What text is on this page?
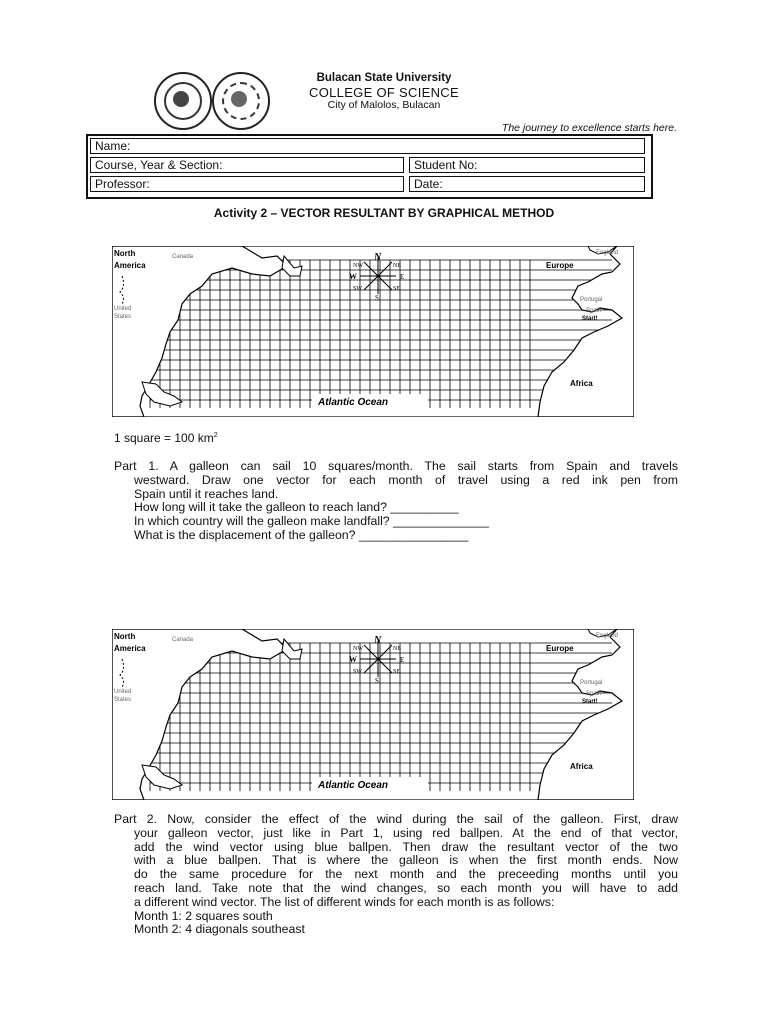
Bulacan State University
COLLEGE OF SCIENCE
City of Malolos, Bulacan
The journey to excellence starts here.
Name:
Course, Year & Section:	Student No:
Professor:	Date:
Activity 2 – VECTOR RESULTANT BY GRAPHICAL METHOD
N
S
E
W
NW	NE
SW	SE
North
America
Canada
United
States
Europe
England
Portugal
Spain
Start!
Africa
Atlantic Ocean
1 square = 100 $km^2$
Part 1. A galleon can sail 10 squares/month. The sail starts from Spain and travels
westward. Draw one vector for each month of travel using a red ink pen from
Spain until it reaches land.
How long will it take the galleon to reach land? __________
In which country will the galleon make landfall? ______________
What is the displacement of the galleon? ________________
N
S
E
W
NW	NE
SW	SE
North
America
Canada
United
States
Europe
England
Portugal
Spain
Start!
Africa
Atlantic Ocean
Part 2. Now, consider the effect of the wind during the sail of the galleon. First, draw
your galleon vector, just like in Part 1, using red ballpen. At the end of that vector,
add the wind vector using blue ballpen. Then draw the resultant vector of the two
with a blue ballpen. That is where the galleon is when the first month ends. Now
do the same procedure for the next month and the preceeding months until you
reach land. Take note that the wind changes, so each month you will have to add
a different wind vector. The list of different winds for each month is as follows:
Month 1: 2 squares south
Month 2: 4 diagonals southeast
